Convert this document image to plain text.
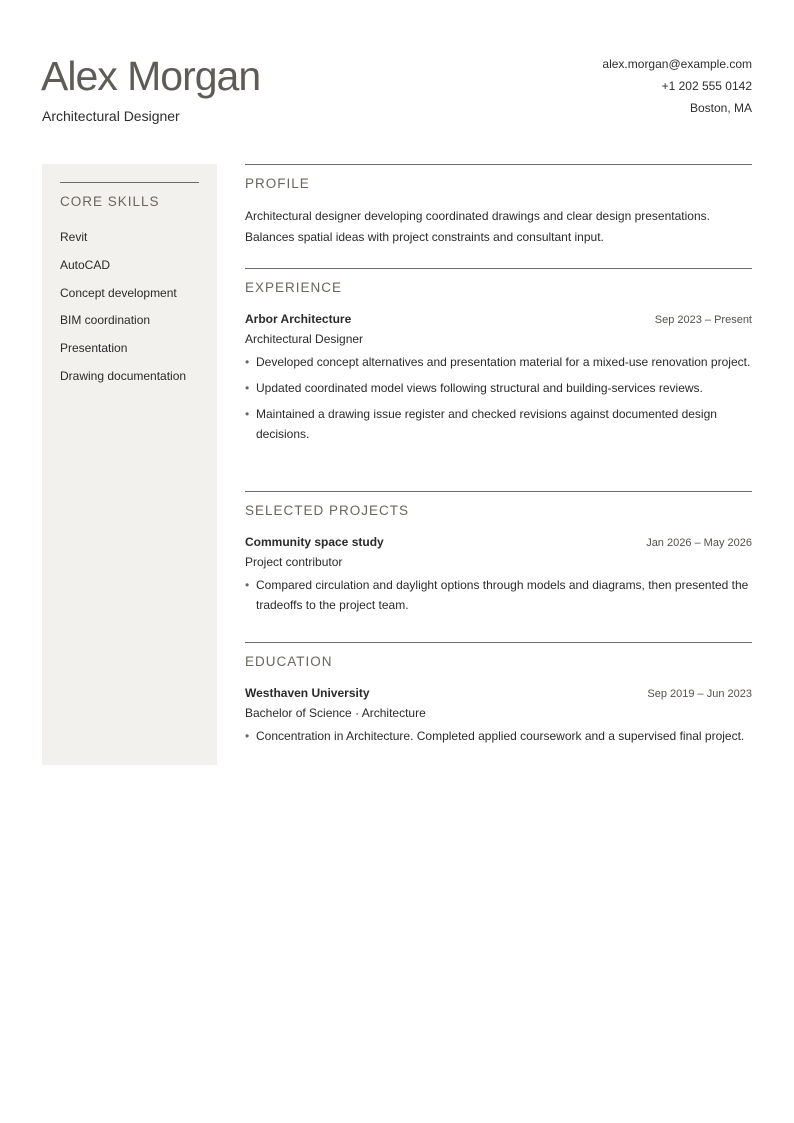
Alex Morgan
Architectural Designer
alex.morgan@example.com
+1 202 555 0142
Boston, MA
CORE SKILLS
Revit
AutoCAD
Concept development
BIM coordination
Presentation
Drawing documentation
PROFILE
Architectural designer developing coordinated drawings and clear design presentations. Balances spatial ideas with project constraints and consultant input.
EXPERIENCE
Arbor Architecture	Sep 2023 – Present
Architectural Designer
• Developed concept alternatives and presentation material for a mixed-use renovation project.
• Updated coordinated model views following structural and building-services reviews.
• Maintained a drawing issue register and checked revisions against documented design decisions.
SELECTED PROJECTS
Community space study	Jan 2026 – May 2026
Project contributor
• Compared circulation and daylight options through models and diagrams, then presented the tradeoffs to the project team.
EDUCATION
Westhaven University	Sep 2019 – Jun 2023
Bachelor of Science · Architecture
• Concentration in Architecture. Completed applied coursework and a supervised final project.
